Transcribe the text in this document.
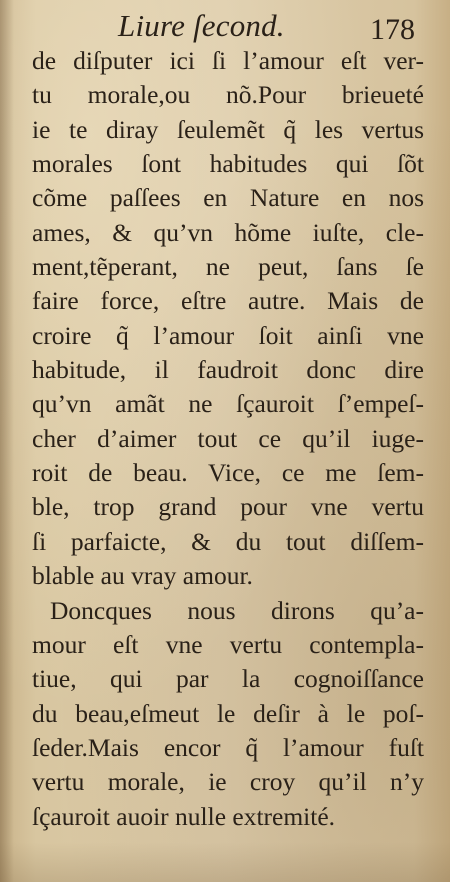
Liure ſecond.	178
de diſputer ici ſi l’amour eſt ver-
tu morale,ou nõ.Pour brieueté
ie te diray ſeulemẽt q̃ les vertus
morales ſont habitudes qui ſõt
cõme paſſees en Nature en nos
ames, & qu’vn hõme iuſte, cle-
ment,tẽperant, ne peut, ſans ſe
faire force, eſtre autre. Mais de
croire q̃ l’amour ſoit ainſi vne
habitude, il faudroit donc dire
qu’vn amãt ne ſçauroit ſ’empeſ-
cher d’aimer tout ce qu’il iuge-
roit de beau. Vice, ce me ſem-
ble, trop grand pour vne vertu
ſi parfaicte, & du tout diſſem-
blable au vray amour.
Doncques nous dirons qu’a-
mour eſt vne vertu contempla-
tiue, qui par la cognoiſſance
du beau,eſmeut le deſir à le poſ-
ſeder.Mais encor q̃ l’amour fuſt
vertu morale, ie croy qu’il n’y
ſçauroit auoir nulle extremité.
